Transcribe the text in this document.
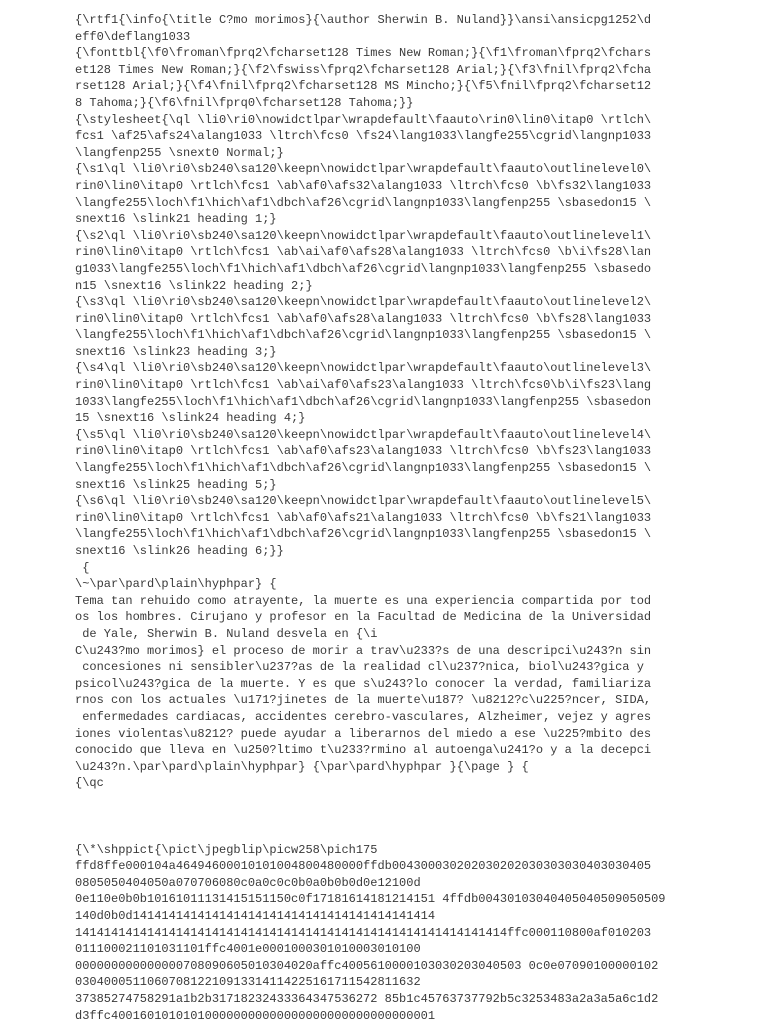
{\rtf1{\info{\title C?mo morimos}{\author Sherwin B. Nuland}}\ansi\ansicpg1252\d
eff0\deflang1033
{\fonttbl{\f0\froman\fprq2\fcharset128 Times New Roman;}{\f1\froman\fprq2\fchars
et128 Times New Roman;}{\f2\fswiss\fprq2\fcharset128 Arial;}{\f3\fnil\fprq2\fcha
rset128 Arial;}{\f4\fnil\fprq2\fcharset128 MS Mincho;}{\f5\fnil\fprq2\fcharset12
8 Tahoma;}{\f6\fnil\fprq0\fcharset128 Tahoma;}}
{\stylesheet{\ql \li0\ri0\nowidctlpar\wrapdefault\faauto\rin0\lin0\itap0 \rtlch\
fcs1 \af25\afs24\alang1033 \ltrch\fcs0 \fs24\lang1033\langfe255\cgrid\langnp1033
\langfenp255 \snext0 Normal;}
{\s1\ql \li0\ri0\sb240\sa120\keepn\nowidctlpar\wrapdefault\faauto\outlinelevel0\
rin0\lin0\itap0 \rtlch\fcs1 \ab\af0\afs32\alang1033 \ltrch\fcs0 \b\fs32\lang1033
\langfe255\loch\f1\hich\af1\dbch\af26\cgrid\langnp1033\langfenp255 \sbasedon15 \
snext16 \slink21 heading 1;}
{\s2\ql \li0\ri0\sb240\sa120\keepn\nowidctlpar\wrapdefault\faauto\outlinelevel1\
rin0\lin0\itap0 \rtlch\fcs1 \ab\ai\af0\afs28\alang1033 \ltrch\fcs0 \b\i\fs28\lan
g1033\langfe255\loch\f1\hich\af1\dbch\af26\cgrid\langnp1033\langfenp255 \sbasedo
n15 \snext16 \slink22 heading 2;}
{\s3\ql \li0\ri0\sb240\sa120\keepn\nowidctlpar\wrapdefault\faauto\outlinelevel2\
rin0\lin0\itap0 \rtlch\fcs1 \ab\af0\afs28\alang1033 \ltrch\fcs0 \b\fs28\lang1033
\langfe255\loch\f1\hich\af1\dbch\af26\cgrid\langnp1033\langfenp255 \sbasedon15 \
snext16 \slink23 heading 3;}
{\s4\ql \li0\ri0\sb240\sa120\keepn\nowidctlpar\wrapdefault\faauto\outlinelevel3\
rin0\lin0\itap0 \rtlch\fcs1 \ab\ai\af0\afs23\alang1033 \ltrch\fcs0\b\i\fs23\lang
1033\langfe255\loch\f1\hich\af1\dbch\af26\cgrid\langnp1033\langfenp255 \sbasedon
15 \snext16 \slink24 heading 4;}
{\s5\ql \li0\ri0\sb240\sa120\keepn\nowidctlpar\wrapdefault\faauto\outlinelevel4\
rin0\lin0\itap0 \rtlch\fcs1 \ab\af0\afs23\alang1033 \ltrch\fcs0 \b\fs23\lang1033
\langfe255\loch\f1\hich\af1\dbch\af26\cgrid\langnp1033\langfenp255 \sbasedon15 \
snext16 \slink25 heading 5;}
{\s6\ql \li0\ri0\sb240\sa120\keepn\nowidctlpar\wrapdefault\faauto\outlinelevel5\
rin0\lin0\itap0 \rtlch\fcs1 \ab\af0\afs21\alang1033 \ltrch\fcs0 \b\fs21\lang1033
\langfe255\loch\f1\hich\af1\dbch\af26\cgrid\langnp1033\langfenp255 \sbasedon15 \
snext16 \slink26 heading 6;}}
{
\~\par\pard\plain\hyphpar} {
Tema tan rehuido como atrayente, la muerte es una experiencia compartida por tod
os los hombres. Cirujano y profesor en la Facultad de Medicina de la Universidad
de Yale, Sherwin B. Nuland desvela en {\i
C\u243?mo morimos} el proceso de morir a trav\u233?s de una descripci\u243?n sin
concesiones ni sensibler\u237?as de la realidad cl\u237?nica, biol\u243?gica y
psicol\u243?gica de la muerte. Y es que s\u243?lo conocer la verdad, familiariza
rnos con los actuales \u171?jinetes de la muerte\u187? \u8212?c\u225?ncer, SIDA,
enfermedades cardiacas, accidentes cerebro-vasculares, Alzheimer, vejez y agres
iones violentas\u8212? puede ayudar a liberarnos del miedo a ese \u225?mbito des
conocido que lleva en \u250?ltimo t\u233?rmino al autoenga\u241?o y a la decepci
\u243?n.\par\pard\plain\hyphpar} {\par\pard\hyphpar }{\page } {
{\qc
{\*\shppict{\pict\jpegblip\picw258\pich175
ffd8ffe000104a46494600010101004800480000ffdb004300030202030202030303030403030405
0805050404050a070706080c0a0c0c0b0a0b0b0d0e12100d
0e110e0b0b10161011131415151150c0f17181614181214151 4ffdb00430103040405040509050509
140d0b0d141414141414141414141414141414141414141414
141414141414141414141414141414141414141414141414141414141414ffc000110800af010203
011100021101031101ffc4001e0001000301010003010100
000000000000000708090605010304020affc4005610000103030203040503 0c0e07090100000102
030400051106070812210913314114225161711542811632
37385274758291a1b2b31718232433364347536272 85b1c45763737792b5c3253483a2a3a5a6c1d2
d3ffc400160101010100000000000000000000000000000001
